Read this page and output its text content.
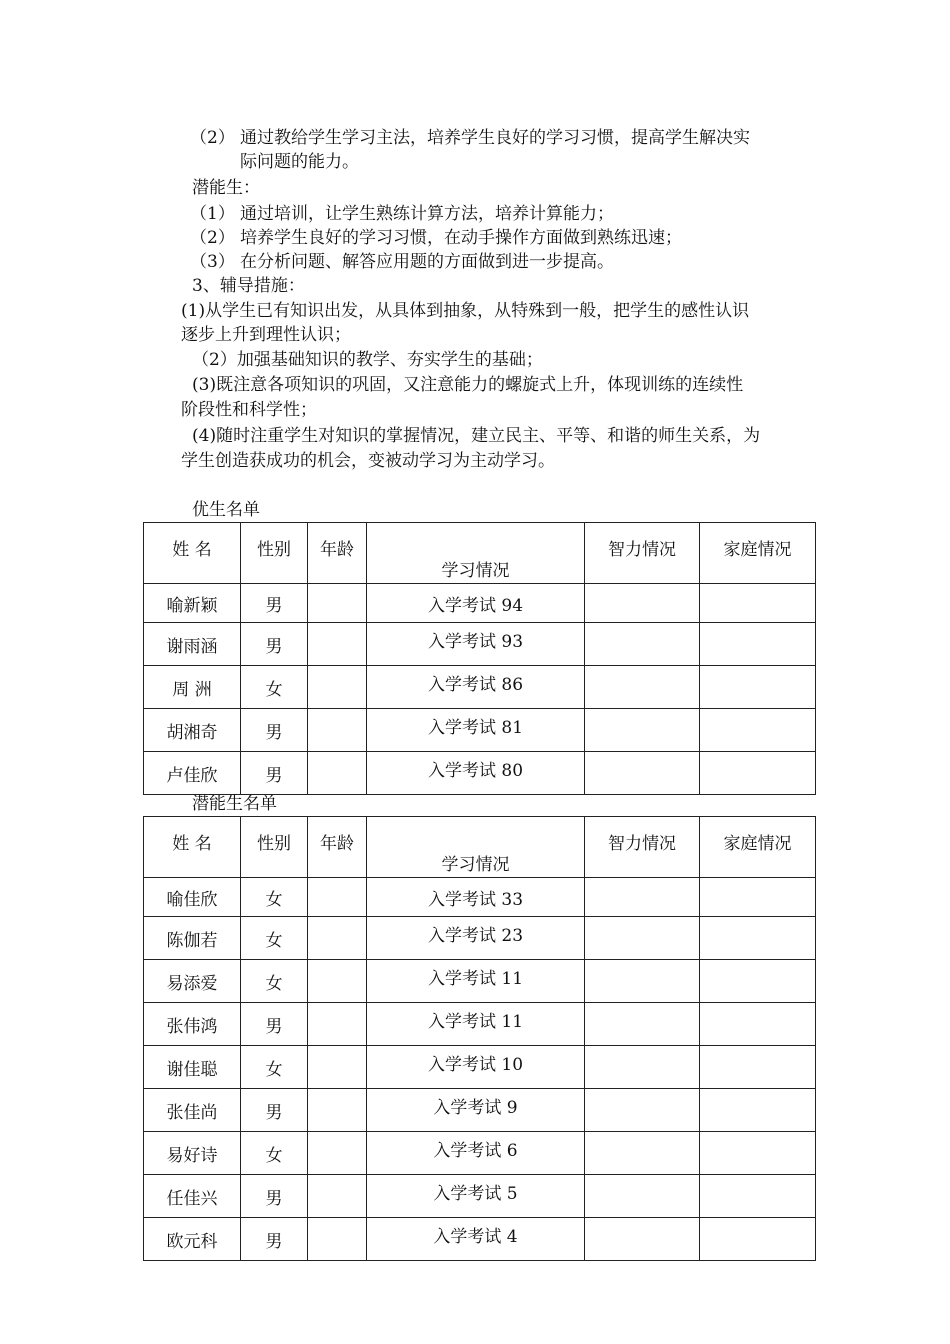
（2） 通过教给学生学习主法，培养学生良好的学习习惯，提高学生解决实
际问题的能力。
潜能生：
（1） 通过培训，让学生熟练计算方法，培养计算能力；
（2） 培养学生良好的学习习惯，在动手操作方面做到熟练迅速；
（3） 在分析问题、解答应用题的方面做到进一步提高。
3、辅导措施：
(1)从学生已有知识出发，从具体到抽象，从特殊到一般，把学生的感性认识
逐步上升到理性认识；
（2）加强基础知识的教学、夯实学生的基础；
(3)既注意各项知识的巩固，又注意能力的螺旋式上升，体现训练的连续性
阶段性和科学性；
(4)随时注重学生对知识的掌握情况，建立民主、平等、和谐的师生关系，为
学生创造获成功的机会，变被动学习为主动学习。
优生名单
姓 名	性别	年龄	学习情况	智力情况	家庭情况
喻新颖	男		入学考试 94		
谢雨涵	男		入学考试 93		
周 洲	女		入学考试 86		
胡湘奇	男		入学考试 81		
卢佳欣	男		入学考试 80		
潜能生名单
姓 名	性别	年龄	学习情况	智力情况	家庭情况
喻佳欣	女		入学考试 33		
陈伽若	女		入学考试 23		
易添爱	女		入学考试 11		
张伟鸿	男		入学考试 11		
谢佳聪	女		入学考试 10		
张佳尚	男		入学考试 9		
易好诗	女		入学考试 6		
任佳兴	男		入学考试 5		
欧元科	男		入学考试 4		
